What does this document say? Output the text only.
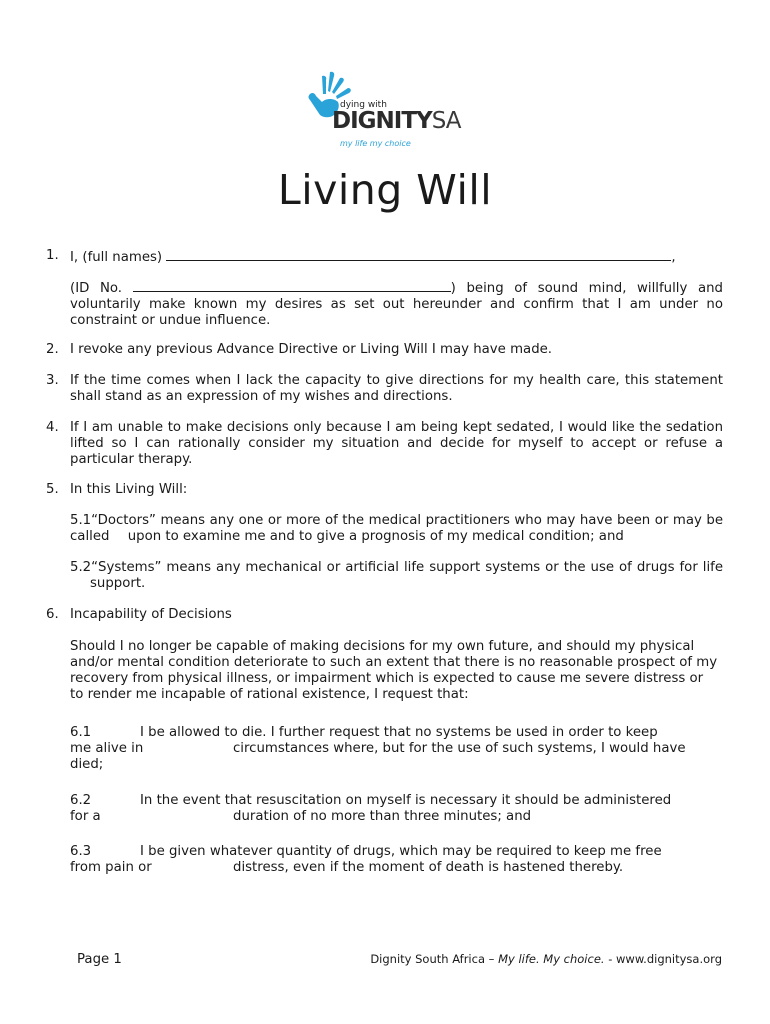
dying with
DIGNITYSA
my life my choice
Living Will
1. I, (full names)	,

(ID No.	) being of sound mind, willfully and voluntarily make known my desires as set out hereunder and confirm that I am under no constraint or undue influence.

2. I revoke any previous Advance Directive or Living Will I may have made.

3. If the time comes when I lack the capacity to give directions for my health care, this statement shall stand as an expression of my wishes and directions.

4. If I am unable to make decisions only because I am being kept sedated, I would like the sedation lifted so I can rationally consider my situation and decide for myself to accept or refuse a particular therapy.

5. In this Living Will:

5.1“Doctors” means any one or more of the medical practitioners who may have been or may be called upon to examine me and to give a prognosis of my medical condition; and

5.2“Systems” means any mechanical or artificial life support systems or the use of drugs for life support.

6. Incapability of Decisions

Should I no longer be capable of making decisions for my own future, and should my physical and/or mental condition deteriorate to such an extent that there is no reasonable prospect of my recovery from physical illness, or impairment which is expected to cause me severe distress or to render me incapable of rational existence, I request that:

6.1	I be allowed to die. I further request that no systems be used in order to keep
me alive in	circumstances where, but for the use of such systems, I would have
died;

6.2	In the event that resuscitation on myself is necessary it should be administered
for a	duration of no more than three minutes; and

6.3	I be given whatever quantity of drugs, which may be required to keep me free
from pain or	distress, even if the moment of death is hastened thereby.

Page 1	Dignity South Africa – My life. My choice. - www.dignitysa.org
